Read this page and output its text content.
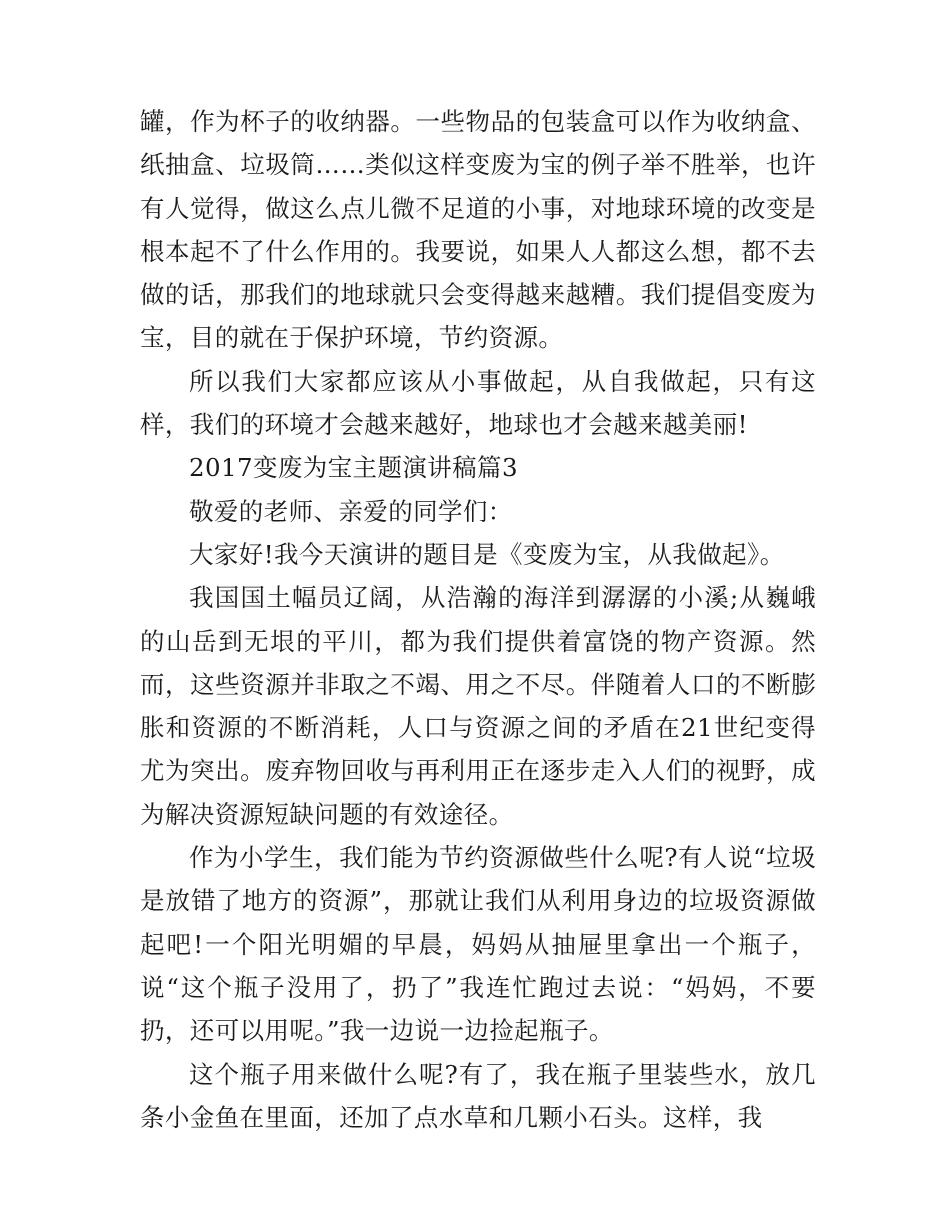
罐，作为杯子的收纳器。一些物品的包装盒可以作为收纳盒、纸抽盒、垃圾筒……类似这样变废为宝的例子举不胜举，也许有人觉得，做这么点儿微不足道的小事，对地球环境的改变是根本起不了什么作用的。我要说，如果人人都这么想，都不去做的话，那我们的地球就只会变得越来越糟。我们提倡变废为宝，目的就在于保护环境，节约资源。

所以我们大家都应该从小事做起，从自我做起，只有这样，我们的环境才会越来越好，地球也才会越来越美丽!

2017变废为宝主题演讲稿篇3

敬爱的老师、亲爱的同学们：

大家好!我今天演讲的题目是《变废为宝，从我做起》。

我国国土幅员辽阔，从浩瀚的海洋到潺潺的小溪;从巍峨的山岳到无垠的平川，都为我们提供着富饶的物产资源。然而，这些资源并非取之不竭、用之不尽。伴随着人口的不断膨胀和资源的不断消耗，人口与资源之间的矛盾在21世纪变得尤为突出。废弃物回收与再利用正在逐步走入人们的视野，成为解决资源短缺问题的有效途径。

作为小学生，我们能为节约资源做些什么呢?有人说“垃圾是放错了地方的资源”，那就让我们从利用身边的垃圾资源做起吧!一个阳光明媚的早晨，妈妈从抽屉里拿出一个瓶子，说“这个瓶子没用了，扔了”我连忙跑过去说：“妈妈，不要扔，还可以用呢。”我一边说一边捡起瓶子。

这个瓶子用来做什么呢?有了，我在瓶子里装些水，放几条小金鱼在里面，还加了点水草和几颗小石头。这样，我
